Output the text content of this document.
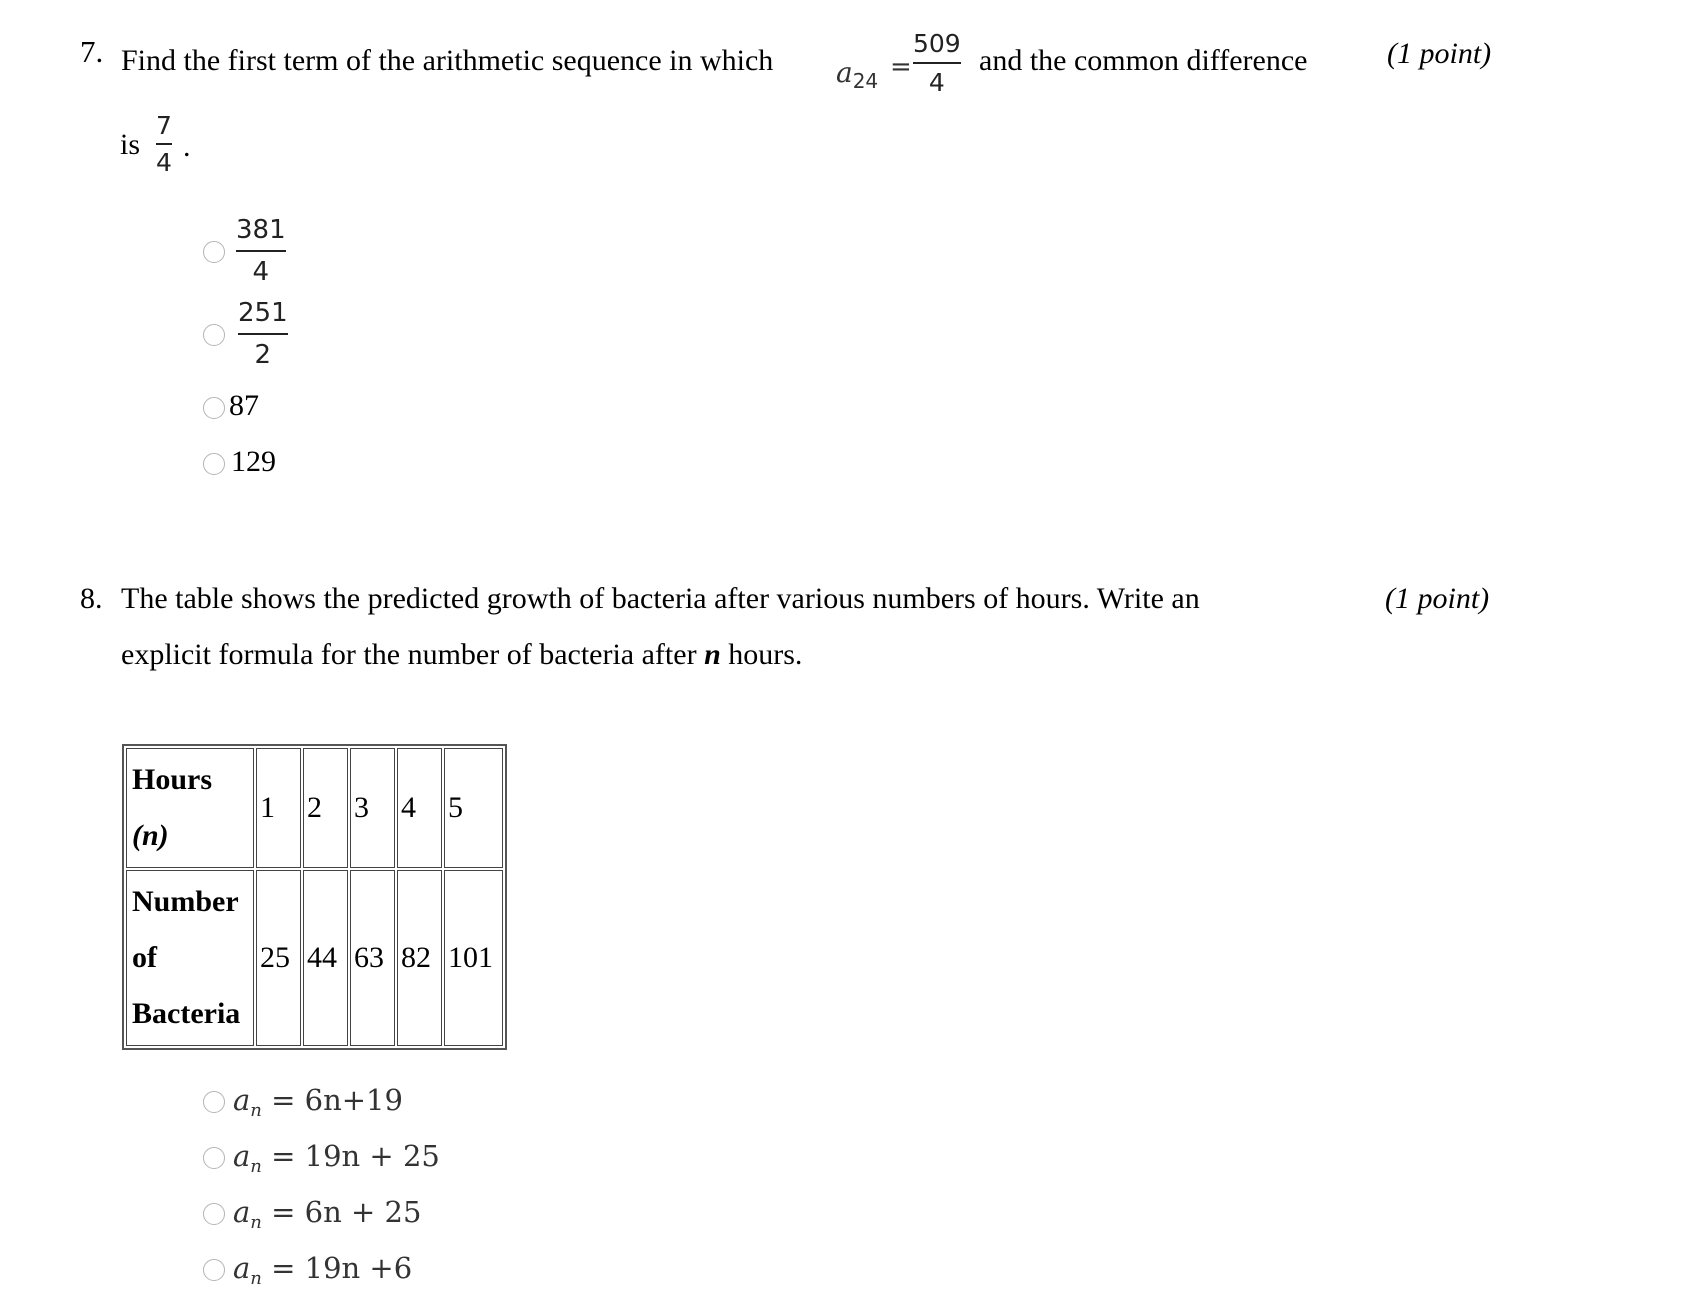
7. Find the first term of the arithmetic sequence in which $a_{24}$ =
509
4
and the common difference	(1 point)
is
7
4 .
381
4
251
2
87
129
8. The table shows the predicted growth of bacteria after various numbers of hours. Write an	(1 point)
explicit formula for the number of bacteria after n hours.
Hours
(n)	1	2	3	4	5

Number
of
Bacteria	25	44	63	82	101
$a_n = 6n+19$
$a_n = 19n + 25$
$a_n = 6n + 25$
$a_n = 19n +6$
